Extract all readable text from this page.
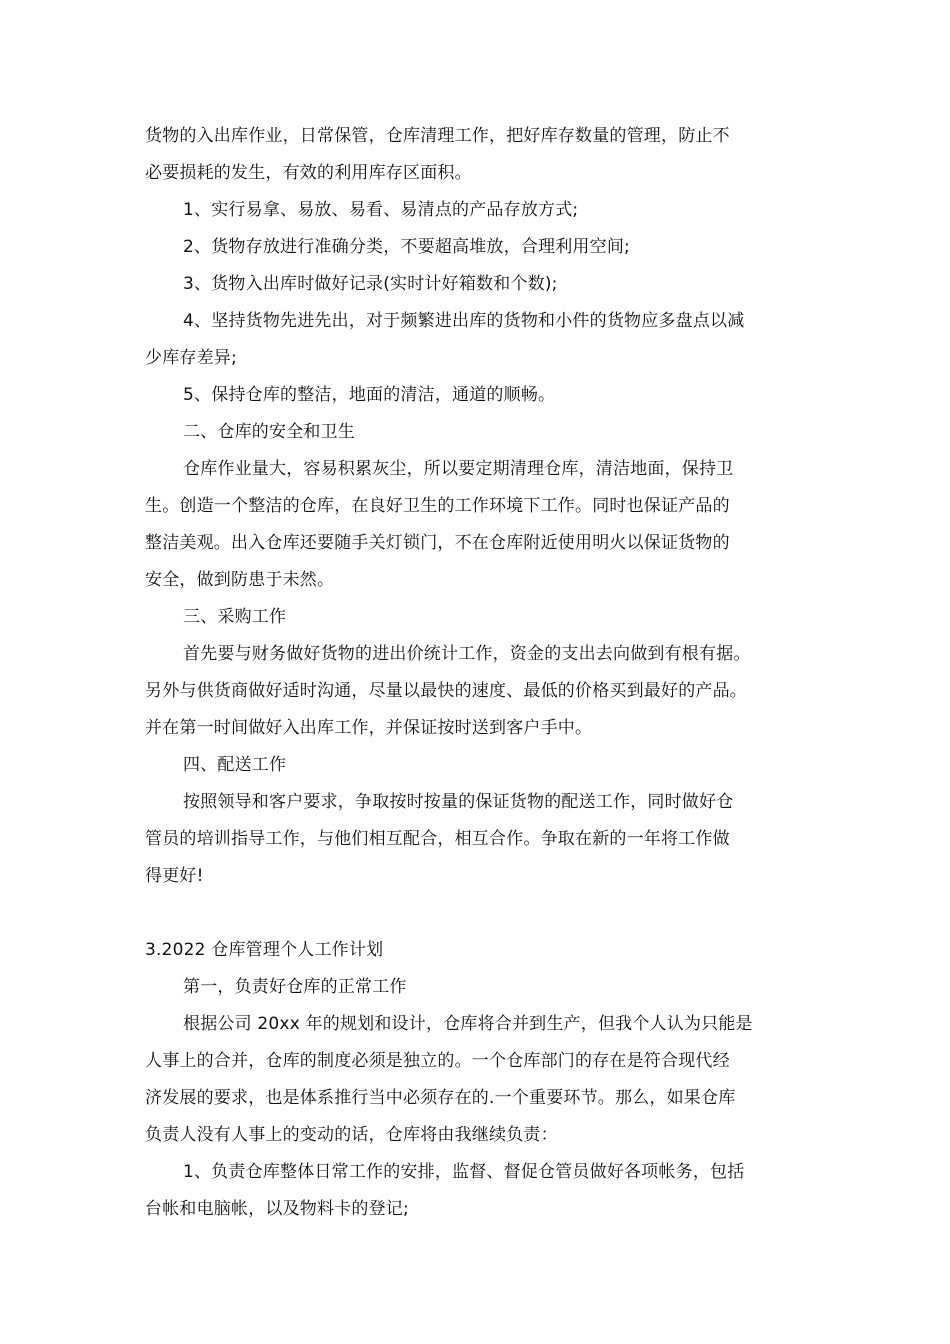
货物的入出库作业，日常保管，仓库清理工作，把好库存数量的管理，防止不

必要损耗的发生，有效的利用库存区面积。

1、实行易拿、易放、易看、易清点的产品存放方式;

2、货物存放进行准确分类，不要超高堆放，合理利用空间;

3、货物入出库时做好记录(实时计好箱数和个数);

4、坚持货物先进先出，对于频繁进出库的货物和小件的货物应多盘点以减

少库存差异;

5、保持仓库的整洁，地面的清洁，通道的顺畅。

二、仓库的安全和卫生

仓库作业量大，容易积累灰尘，所以要定期清理仓库，清洁地面，保持卫

生。创造一个整洁的仓库，在良好卫生的工作环境下工作。同时也保证产品的

整洁美观。出入仓库还要随手关灯锁门，不在仓库附近使用明火以保证货物的

安全，做到防患于未然。

三、采购工作

首先要与财务做好货物的进出价统计工作，资金的支出去向做到有根有据。

另外与供货商做好适时沟通，尽量以最快的速度、最低的价格买到最好的产品。

并在第一时间做好入出库工作，并保证按时送到客户手中。

四、配送工作

按照领导和客户要求，争取按时按量的保证货物的配送工作，同时做好仓

管员的培训指导工作，与他们相互配合，相互合作。争取在新的一年将工作做

得更好!

3.2022 仓库管理个人工作计划

第一，负责好仓库的正常工作

根据公司 20xx 年的规划和设计，仓库将合并到生产，但我个人认为只能是

人事上的合并，仓库的制度必须是独立的。一个仓库部门的存在是符合现代经

济发展的要求，也是体系推行当中必须存在的.一个重要环节。那么，如果仓库

负责人没有人事上的变动的话，仓库将由我继续负责：

1、负责仓库整体日常工作的安排，监督、督促仓管员做好各项帐务，包括

台帐和电脑帐，以及物料卡的登记;
